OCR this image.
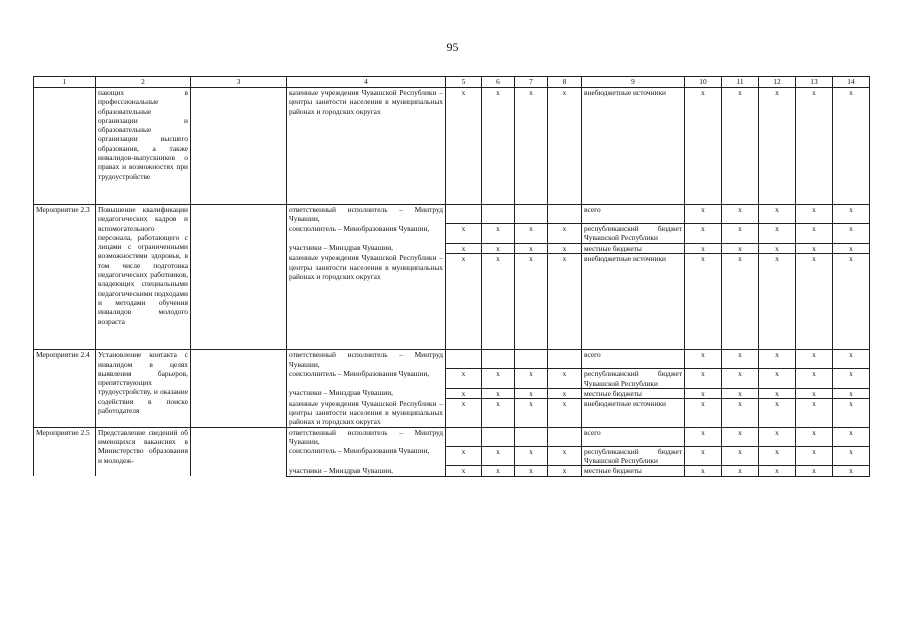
95
1	2	3	4	5	6	7	8	9	10	11	12	13	14
	пающих в профессиональные образовательные организации и образовательные организации высшего образования, а также инвалидов-выпускников о правах и возможностях при трудоустройстве		казенные учреждения Чувашской Республики – центры занятости населения в муниципальных районах и городских округах	x	x	x	x	внебюджетные источники	x	x	x	x	x
Мероприятие 2.3	Повышение квалификации педагогических кадров и вспомогательного персонала, работающего с лицами с ограниченными возможностями здоровья, в том числе подготовка педагогических работников, владеющих специальными педагогическими подходами и методами обучения инвалидов молодого возраста		ответственный исполнитель – Минтруд Чувашии,					всего	x	x	x	x	x
			соисполнитель – Минобразования Чувашии,	x	x	x	x	республиканский бюджет Чувашской Республики	x	x	x	x	x
			участники – Минздрав Чувашии,	x	x	x	x	местные бюджеты	x	x	x	x	x
			казенные учреждения Чувашской Республики – центры занятости населения в муниципальных районах и городских округах	x	x	x	x	внебюджетные источники	x	x	x	x	x

Мероприятие 2.4	Установление контакта с инвалидом в целях выявления барьеров, препятствующих трудоустройству, и оказание содействия в поиске работодателя		ответственный исполнитель – Минтруд Чувашии,					всего	x	x	x	x	x
			соисполнитель – Минобразования Чувашии,	x	x	x	x	республиканский бюджет Чувашской Республики	x	x	x	x	x
			участники – Минздрав Чувашии,	x	x	x	x	местные бюджеты	x	x	x	x	x
			казенные учреждения Чувашской Республики – центры занятости населения в муниципальных районах и городских округах	x	x	x	x	внебюджетные источники	x	x	x	x	x
Мероприятие 2.5	Представление сведений об имеющихся вакансиях в Министерство образования и молодеж-		ответственный исполнитель – Минтруд Чувашии,					всего	x	x	x	x	x
			соисполнитель – Минобразования Чувашии,	x	x	x	x	республиканский бюджет Чувашской Республики	x	x	x	x	x
			участники – Минздрав Чувашии,	x	x	x	x	местные бюджеты	x	x	x	x	x
